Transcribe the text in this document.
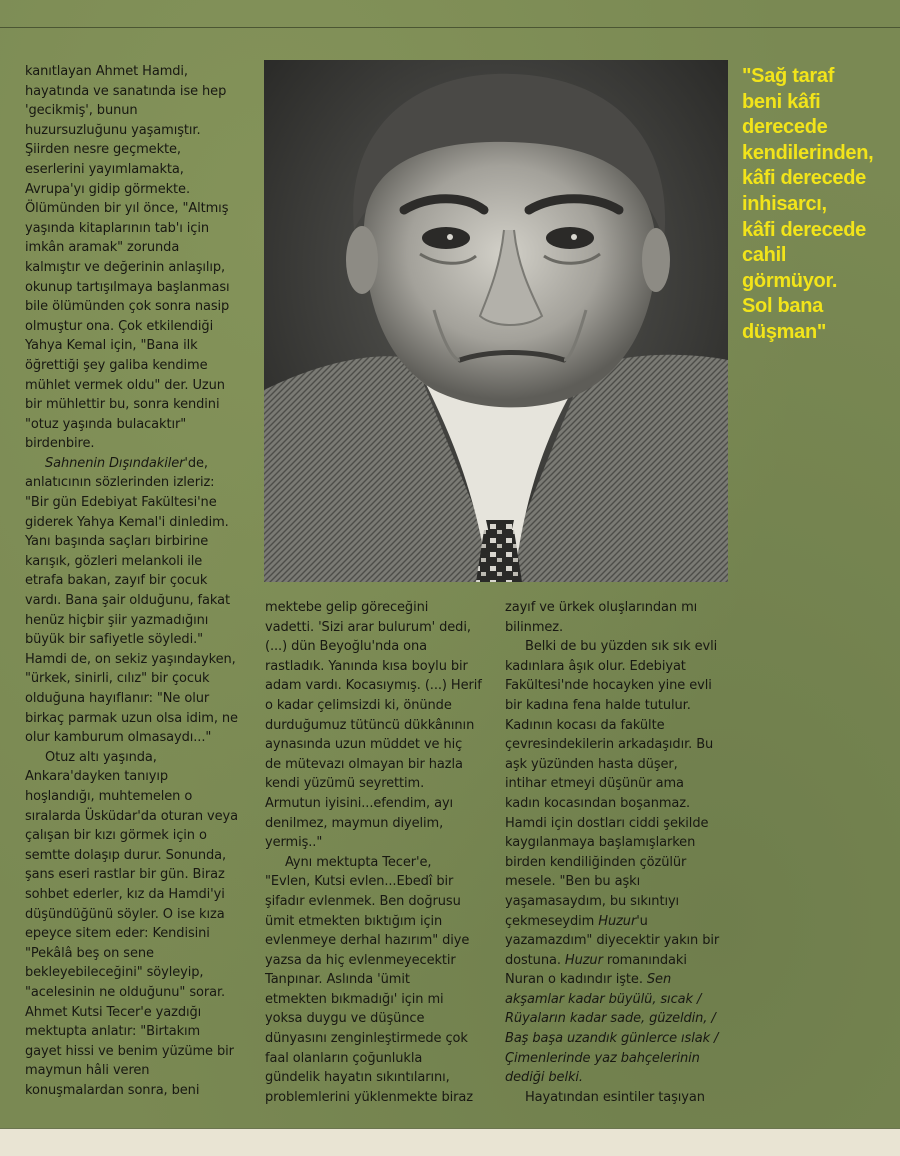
kanıtlayan Ahmet Hamdi,
hayatında ve sanatında ise hep
'gecikmiş', bunun
huzursuzluğunu yaşamıştır.
Şiirden nesre geçmekte,
eserlerini yayımlamakta,
Avrupa'yı gidip görmekte.
Ölümünden bir yıl önce, "Altmış
yaşında kitaplarının tab'ı için
imkân aramak" zorunda
kalmıştır ve değerinin anlaşılıp,
okunup tartışılmaya başlanması
bile ölümünden çok sonra nasip
olmuştur ona. Çok etkilendiği
Yahya Kemal için, "Bana ilk
öğrettiği şey galiba kendime
mühlet vermek oldu" der. Uzun
bir mühlettir bu, sonra kendini
"otuz yaşında bulacaktır"
birdenbire.

Sahnenin Dışındakiler'de,
anlatıcının sözlerinden izleriz:
"Bir gün Edebiyat Fakültesi'ne
giderek Yahya Kemal'i dinledim.
Yanı başında saçları birbirine
karışık, gözleri melankoli ile
etrafa bakan, zayıf bir çocuk
vardı. Bana şair olduğunu, fakat
henüz hiçbir şiir yazmadığını
büyük bir safiyetle söyledi."
Hamdi de, on sekiz yaşındayken,
"ürkek, sinirli, cılız" bir çocuk
olduğuna hayıflanır: "Ne olur
birkaç parmak uzun olsa idim, ne
olur kamburum olmasaydı..."

Otuz altı yaşında,
Ankara'dayken tanıyıp
hoşlandığı, muhtemelen o
sıralarda Üsküdar'da oturan veya
çalışan bir kızı görmek için o
semtte dolaşıp durur. Sonunda,
şans eseri rastlar bir gün. Biraz
sohbet ederler, kız da Hamdi'yi
düşündüğünü söyler. O ise kıza
epeyce sitem eder: Kendisini
"Pekâlâ beş on sene
bekleyebileceğini" söyleyip,
"acelesinin ne olduğunu" sorar.
Ahmet Kutsi Tecer'e yazdığı
mektupta anlatır: "Birtakım
gayet hissi ve benim yüzüme bir
maymun hâli veren
konuşmalardan sonra, beni

"Sağ taraf
beni kâfi
derecede
kendilerinden,
kâfi derecede
inhisarcı,
kâfi derecede
cahil
görmüyor.
Sol bana
düşman"

mektebe gelip göreceğini
vadetti. 'Sizi arar bulurum' dedi,
(...) dün Beyoğlu'nda ona
rastladık. Yanında kısa boylu bir
adam vardı. Kocasıymış. (...) Herif
o kadar çelimsizdi ki, önünde
durduğumuz tütüncü dükkânının
aynasında uzun müddet ve hiç
de mütevazı olmayan bir hazla
kendi yüzümü seyrettim.
Armutun iyisini...efendim, ayı
denilmez, maymun diyelim,
yermiş.."

Aynı mektupta Tecer'e,
"Evlen, Kutsi evlen...Ebedî bir
şifadır evlenmek. Ben doğrusu
ümit etmekten bıktığım için
evlenmeye derhal hazırım" diye
yazsa da hiç evlenmeyecektir
Tanpınar. Aslında 'ümit
etmekten bıkmadığı' için mi
yoksa duygu ve düşünce
dünyasını zenginleştirmede çok
faal olanların çoğunlukla
gündelik hayatın sıkıntılarını,
problemlerini yüklenmekte biraz

zayıf ve ürkek oluşlarından mı
bilinmez.

Belki de bu yüzden sık sık evli
kadınlara âşık olur. Edebiyat
Fakültesi'nde hocayken yine evli
bir kadına fena halde tutulur.
Kadının kocası da fakülte
çevresindekilerin arkadaşıdır. Bu
aşk yüzünden hasta düşer,
intihar etmeyi düşünür ama
kadın kocasından boşanmaz.
Hamdi için dostları ciddi şekilde
kaygılanmaya başlamışlarken
birden kendiliğinden çözülür
mesele. "Ben bu aşkı
yaşamasaydım, bu sıkıntıyı
çekmeseydim Huzur'u
yazamazdım" diyecektir yakın bir
dostuna. Huzur romanındaki
Nuran o kadındır işte. Sen
akşamlar kadar büyülü, sıcak /
Rüyaların kadar sade, güzeldin, /
Baş başa uzandık günlerce ıslak /
Çimenlerinde yaz bahçelerinin
dediği belki.

Hayatından esintiler taşıyan
